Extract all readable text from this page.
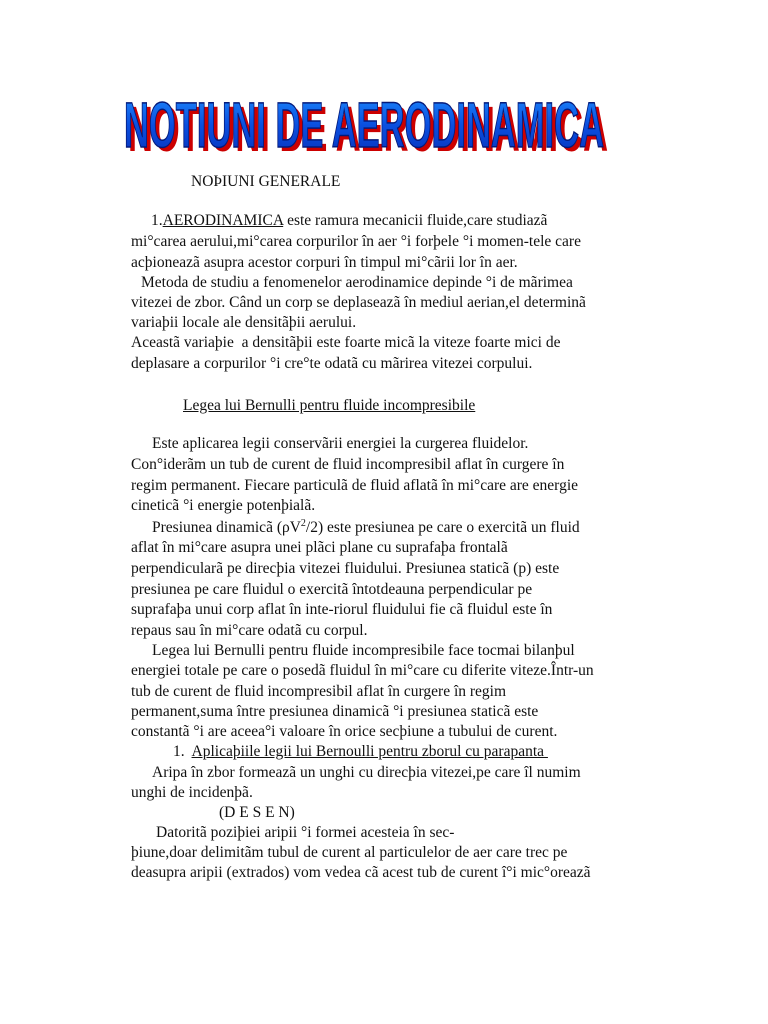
NOTIUNI DE AERODINAMICA
NOTIUNI DE AERODINAMICA
NOÞIUNI GENERALE
1.AERODINAMICA este ramura mecanicii fluide,care studiazã
mi°carea aerului,mi°carea corpurilor în aer °i forþele °i momen-tele care
acþioneazã asupra acestor corpuri în timpul mi°cãrii lor în aer.
Metoda de studiu a fenomenelor aerodinamice depinde °i de mãrimea
vitezei de zbor. Când un corp se deplaseazã în mediul aerian,el determinã
variaþii locale ale densitãþii aerului.
Aceastã variaþie  a densitãþii este foarte micã la viteze foarte mici de
deplasare a corpurilor °i cre°te odatã cu mãrirea vitezei corpului.
Legea lui Bernulli pentru fluide incompresibile
Este aplicarea legii conservãrii energiei la curgerea fluidelor.
Con°iderãm un tub de curent de fluid incompresibil aflat în curgere în
regim permanent. Fiecare particulã de fluid aflatã în mi°care are energie
cineticã °i energie potenþialã.
Presiunea dinamicã $(\rho V^2/2)$ este presiunea pe care o exercitã un fluid
aflat în mi°care asupra unei plãci plane cu suprafaþa frontalã
perpendicularã pe direcþia vitezei fluidului. Presiunea staticã (p) este
presiunea pe care fluidul o exercitã întotdeauna perpendicular pe
suprafaþa unui corp aflat în inte-riorul fluidului fie cã fluidul este în
repaus sau în mi°care odatã cu corpul.
Legea lui Bernulli pentru fluide incompresibile face tocmai bilanþul
energiei totale pe care o posedã fluidul în mi°care cu diferite viteze.Într-un
tub de curent de fluid incompresibil aflat în curgere în regim
permanent,suma între presiunea dinamicã °i presiunea staticã este
constantã °i are aceea°i valoare în orice secþiune a tubului de curent.
1. Aplicaþiile legii lui Bernoulli pentru zborul cu parapanta
Aripa în zbor formeazã un unghi cu direcþia vitezei,pe care îl numim
unghi de incidenþã.
(D E S E N)
Datoritã poziþiei aripii °i formei acesteia în sec-
þiune,doar delimitãm tubul de curent al particulelor de aer care trec pe
deasupra aripii (extrados) vom vedea cã acest tub de curent î°i mic°oreazã
